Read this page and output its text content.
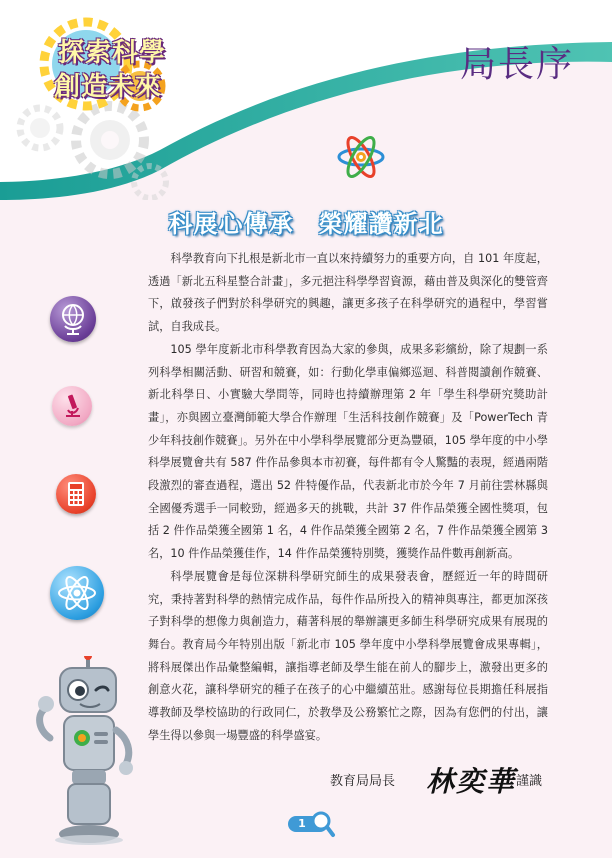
探索科學
創造未來
局長序
科展心傳承　榮耀讚新北

科學教育向下扎根是新北市一直以來持續努力的重要方向，自 101 年度起，透過「新北五科星整合計畫」，多元挹注科學學習資源，藉由普及與深化的雙管齊下，啟發孩子們對於科學研究的興趣，讓更多孩子在科學研究的過程中，學習嘗試，自我成長。

105 學年度新北市科學教育因為大家的參與，成果多彩繽紛，除了規劃一系列科學相關活動、研習和競賽，如：行動化學車偏鄉巡迴、科普閱讀創作競賽、新北科學日、小實驗大學問等，同時也持續辦理第 2 年「學生科學研究獎助計畫」，亦與國立臺灣師範大學合作辦理「生活科技創作競賽」及「PowerTech 青少年科技創作競賽」。另外在中小學科學展覽部分更為豐碩，105 學年度的中小學科學展覽會共有 587 件作品參與本市初賽，每件都有令人驚豔的表現，經過兩階段激烈的審查過程，選出 52 件特優作品，代表新北市於今年 7 月前往雲林縣與全國優秀選手一同較勁，經過多天的挑戰，共計 37 件作品榮獲全國性獎項，包括 2 件作品榮獲全國第 1 名，4 件作品榮獲全國第 2 名，7 件作品榮獲全國第 3 名，10 件作品榮獲佳作，14 件作品榮獲特別獎，獲獎作品件數再創新高。

科學展覽會是每位深耕科學研究師生的成果發表會，歷經近一年的時間研究，秉持著對科學的熱情完成作品，每件作品所投入的精神與專注，都更加深孩子對科學的想像力與創造力，藉著科展的舉辦讓更多師生科學研究成果有展現的舞台。教育局今年特別出版「新北市 105 學年度中小學科學展覽會成果專輯」，將科展傑出作品彙整編輯，讓指導老師及學生能在前人的腳步上，激發出更多的創意火花，讓科學研究的種子在孩子的心中繼續茁壯。感謝每位長期擔任科展指導教師及學校協助的行政同仁，於教學及公務繁忙之際，因為有您們的付出，讓學生得以參與一場豐盛的科學盛宴。

教育局局長 林奕華 謹識
1
